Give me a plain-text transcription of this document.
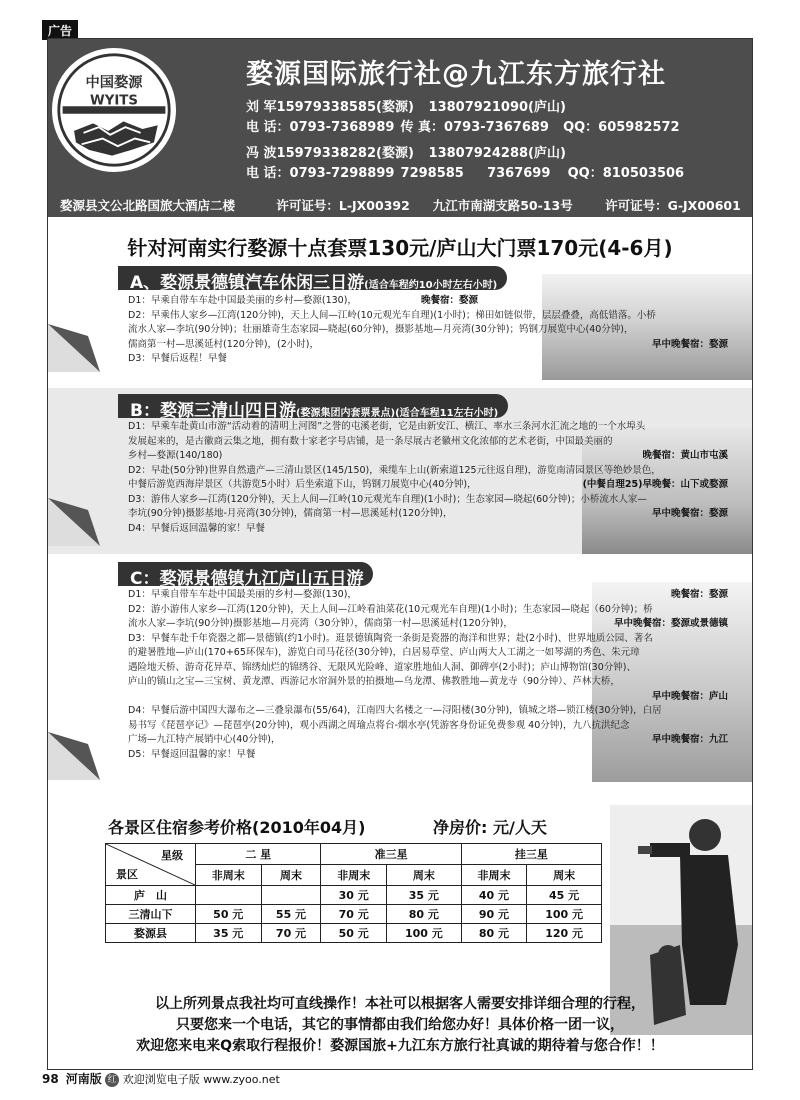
广告
中国婺源
WYITS
婺源国际旅行社@九江东方旅行社
刘 军15979338585(婺源) 13807921090(庐山)
电 话：0793-7368989 传 真：0793-7367689 QQ：605982572
冯 波15979338282(婺源) 13807924288(庐山)
电 话：0793-7298899 7298585 7367699 QQ：810503506
婺源县文公北路国旅大酒店二楼	许可证号：L-JX00392 九江市南湖支路50-13号	许可证号：G-JX00601
针对河南实行婺源十点套票130元/庐山大门票170元(4-6月)
A、婺源景德镇汽车休闲三日游(适合车程约10小时左右小时)
D1：早乘自带车车赴中国最美丽的乡村—婺源(130)，	晚餐宿：婺源
D2：早乘伟人家乡—江湾(120分钟)，天上人间—江岭(10元观光车自理)(1小时)；梯田如链似带，层层叠叠，高低错落。小桥
流水人家—李坑(90分钟)；壮丽雄奇生态家园—晓起(60分钟)，摄影基地—月亮湾(30分钟)；钨钢刀展览中心(40分钟)，
儒商第一村—思溪延村(120分钟)，(2小时)，	早中晚餐宿：婺源
D3：早餐后返程！早餐
B：婺源三清山四日游(婺源集团内套票景点)(适合车程11左右小时)
D1：早乘车赴黄山市游“活动着的清明上河图”之誉的屯溪老街，它是由新安江、横江、率水三条河水汇流之地的一个水埠头
发展起来的，是古徽商云集之地，拥有数十家老字号店铺，是一条尽展古老徽州文化浓郁的艺术老街，中国最美丽的
乡村—婺源(140/180)	晚餐宿：黄山市屯溪
D2：早赴(50分钟)世界自然遗产—三清山景区(145/150)，乘缆车上山(新索道125元往返自理)，游览南清园景区等绝妙景色，
中餐后游览西海岸景区（共游览5小时）后坐索道下山，钨钢刀展览中心(40分钟)，	(中餐自理25)早晚餐：山下或婺源
D3：游伟人家乡—江湾(120分钟)，天上人间—江岭(10元观光车自理)(1小时)；生态家园—晓起(60分钟)；小桥流水人家—
李坑(90分钟)摄影基地-月亮湾(30分钟)，儒商第一村—思溪延村(120分钟)，	早中晚餐宿：婺源
D4：早餐后返回温馨的家！早餐
C：婺源景德镇九江庐山五日游
D1：早乘自带车车赴中国最美丽的乡村—婺源(130)，	晚餐宿：婺源
D2：游小游伟人家乡—江湾(120分钟)，天上人间—江岭看油菜花(10元观光车自理)(1小时)；生态家园—晓起（60分钟)；桥
流水人家—李坑(90分钟)摄影基地—月亮湾（30分钟），儒商第一村—思溪延村(120分钟)，	早中晚餐宿：婺源或景德镇
D3：早餐车赴千年瓷器之都—景德镇(约1小时)。逛景德镇陶瓷一条街是瓷器的海洋和世界；赴(2小时)、世界地质公园、著名
的避暑胜地—庐山(170+65环保车)，游览白司马花径(30分钟)，白居易草堂、庐山两大人工湖之一如琴湖的秀色、朱元璋
遇险地天桥、游奇花异草、锦绣灿烂的锦绣谷、无限风光险峰、道家胜地仙人洞、御碑亭(2小时)；庐山博物馆(30分钟)、
庐山的镇山之宝—三宝树、黄龙潭、西游记水帘洞外景的拍摄地—乌龙潭、佛教胜地—黄龙寺（90分钟）、芦林大桥，
早中晚餐宿：庐山
D4：早餐后游中国四大瀑布之—三叠泉瀑布(55/64)，江南四大名楼之一—浔阳楼(30分钟)，镇城之塔—锁江楼(30分钟)，白居
易书写《琵琶亭记》—琵琶亭(20分钟)，观小西湖之周瑜点将台-烟水亭(凭游客身份证免费参观 40分钟)，九八抗洪纪念
广场—九江特产展销中心(40分钟)，	早中晚餐宿：九江
D5：早餐返回温馨的家！早餐
各景区住宿参考价格(2010年04月)	净房价: 元/人天
星级
景区	二 星		准三星		挂三星	
	非周末	周末	非周末	周末	非周末	周末
庐　山			30 元	35 元	40 元	45 元
三清山下	50 元	55 元	70 元	80 元	90 元	100 元
婺源县	35 元	70 元	50 元	100 元	80 元	120 元
以上所列景点我社均可直线操作！本社可以根据客人需要安排详细合理的行程，
只要您来一个电话，其它的事情都由我们给您办好！具体价格一团一议，
欢迎您来电来Q索取行程报价！婺源国旅+九江东方旅行社真诚的期待着与您合作！！
98 河南版 红 欢迎浏览电子版 www.zyoo.net
